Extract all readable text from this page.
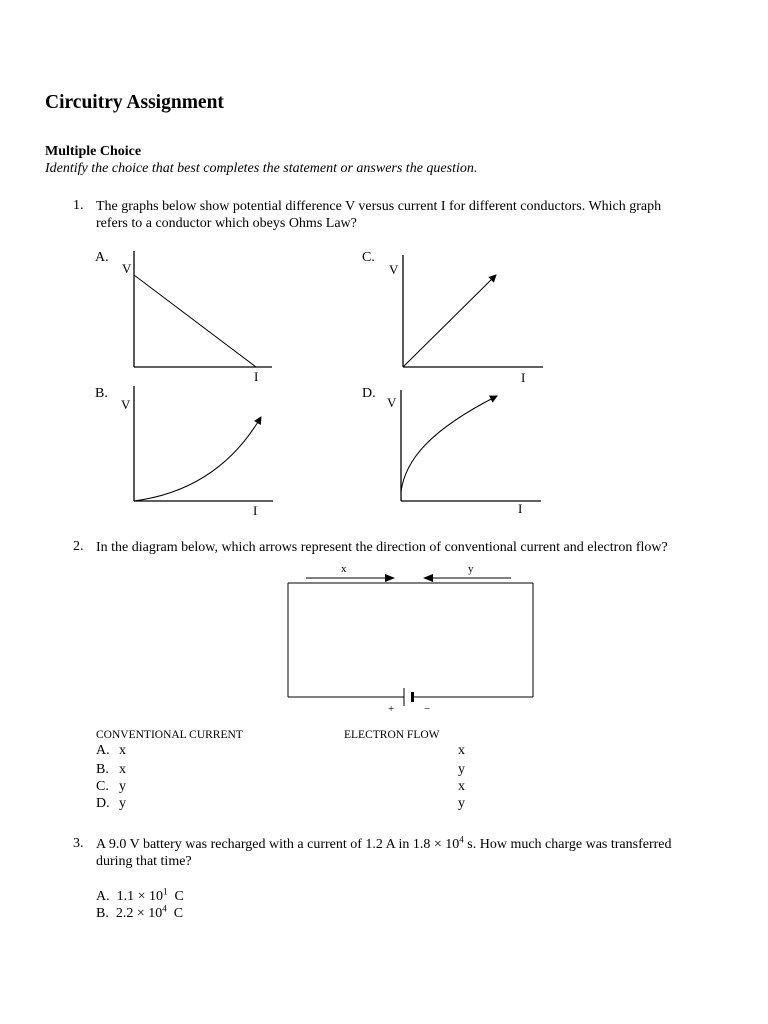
Circuitry Assignment
Multiple Choice
Identify the choice that best completes the statement or answers the question.
1. The graphs below show potential difference V versus current I for different conductors. Which graph
refers to a conductor which obeys Ohms Law?
A.
V
I
C.
V
I
B.
V
I
D.
V
I
x	y
+	−
2. In the diagram below, which arrows represent the direction of conventional current and electron flow?
CONVENTIONAL CURRENT	ELECTRON FLOW
A. x	x
B. x	y
C. y	x
D. y	y
3. A 9.0 V battery was recharged with a current of 1.2 A in $1.8 \times 10^4$ s. How much charge was transferred
during that time?
A. $1.1 \times 10^1$ C
B. $2.2 \times 10^4$ C
